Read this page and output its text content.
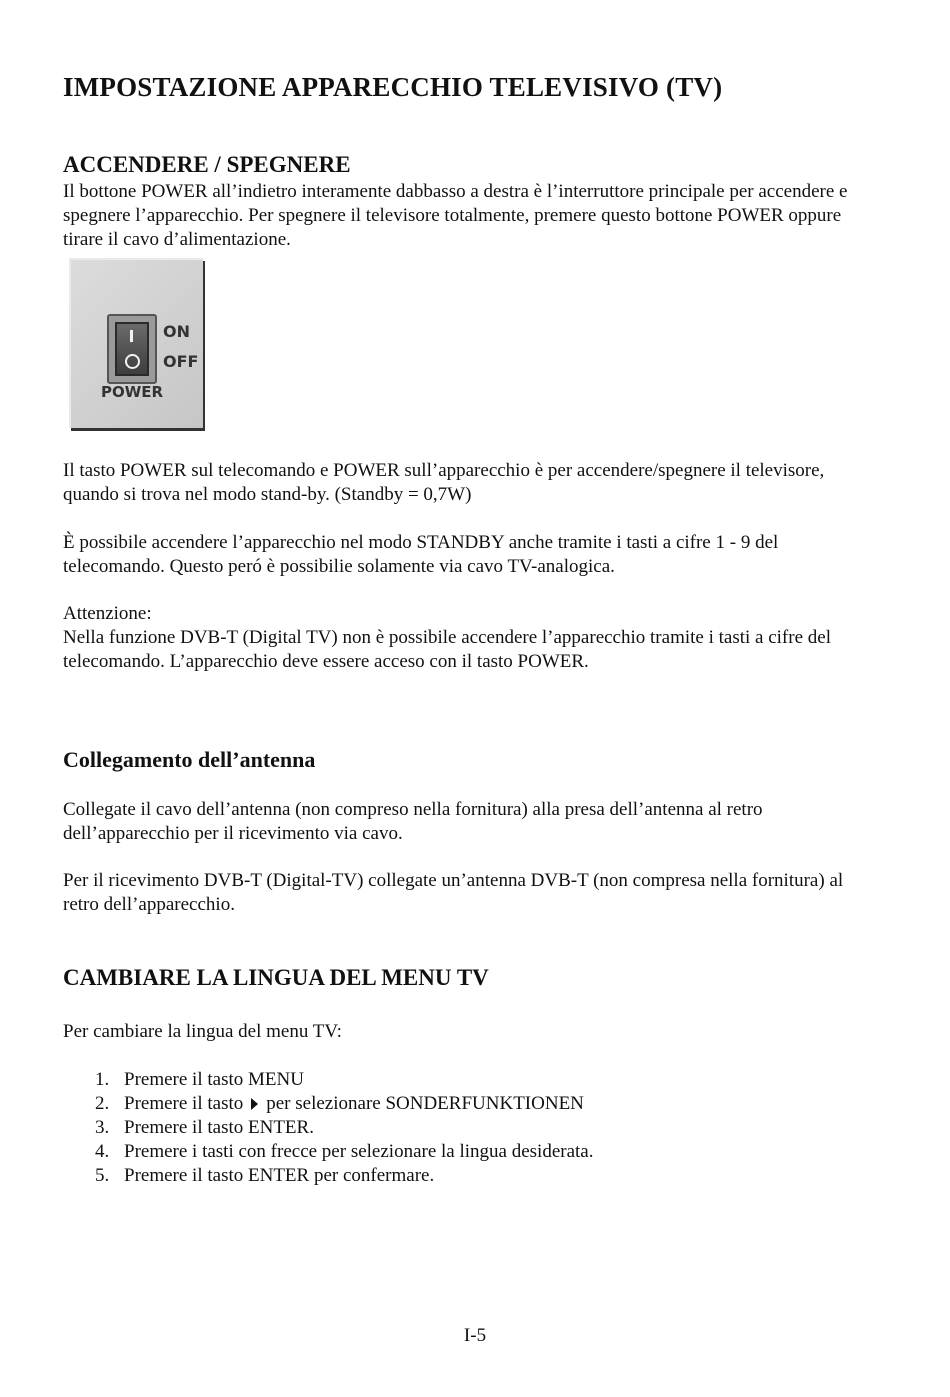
IMPOSTAZIONE APPARECCHIO TELEVISIVO (TV)
ACCENDERE / SPEGNERE

Il bottone POWER all’indietro interamente dabbasso a destra è l’interruttore principale per accendere e spegnere l’apparecchio. Per spegnere il televisore totalmente, premere questo bottone POWER oppure tirare il cavo d’alimentazione.

ON
OFF
POWER

Il tasto POWER sul telecomando e POWER sull’apparecchio è per accendere/spegnere il televisore, quando si trova nel modo stand-by. (Standby = 0,7W)

È possibile accendere l’apparecchio nel modo STANDBY anche tramite i tasti a cifre 1 - 9 del telecomando. Questo peró è possibilie solamente via cavo TV-analogica.

Attenzione:

Nella funzione DVB-T (Digital TV) non è possibile accendere l’apparecchio tramite i tasti a cifre del telecomando. L’apparecchio deve essere acceso con il tasto POWER.

Collegamento dell’antenna

Collegate il cavo dell’antenna (non compreso nella fornitura) alla presa dell’antenna al retro dell’apparecchio per il ricevimento via cavo.

Per il ricevimento DVB-T (Digital-TV) collegate un’antenna DVB-T (non compresa nella fornitura) al retro dell’apparecchio.

CAMBIARE LA LINGUA DEL MENU TV

Per cambiare la lingua del menu TV:

1. Premere il tasto MENU
2. Premere il tasto per selezionare SONDERFUNKTIONEN
3. Premere il tasto ENTER.
4. Premere i tasti con frecce per selezionare la lingua desiderata.
5. Premere il tasto ENTER per confermare.
I-5
